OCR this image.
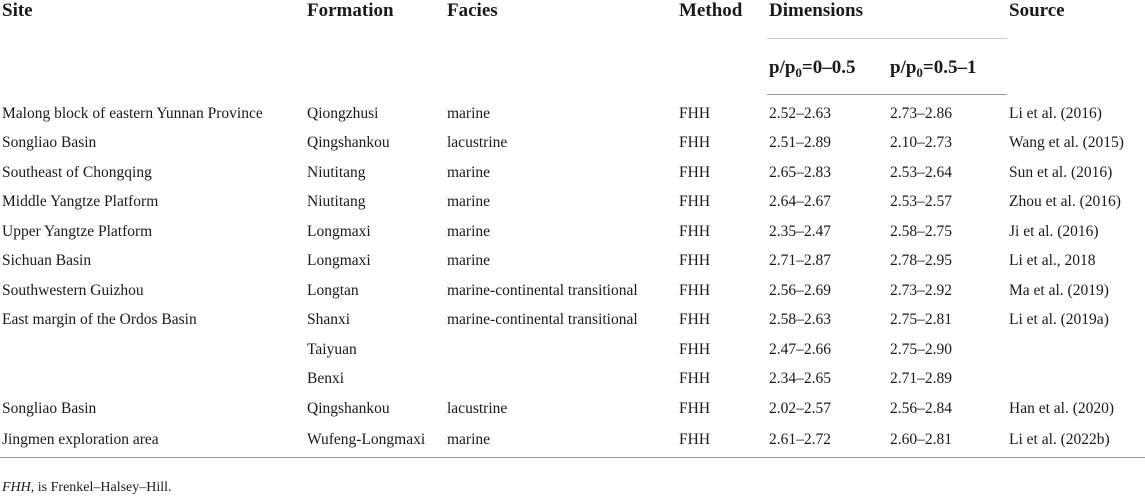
Site	Formation	Facies	Method	Dimensions		Source
				$p/p_0=0-0.5$	$p/p_0=0.5-1$	
Malong block of eastern Yunnan Province	Qiongzhusi	marine	FHH	2.52–2.63	2.73–2.86	Li et al. (2016)
Songliao Basin	Qingshankou	lacustrine	FHH	2.51–2.89	2.10–2.73	Wang et al. (2015)
Southeast of Chongqing	Niutitang	marine	FHH	2.65–2.83	2.53–2.64	Sun et al. (2016)
Middle Yangtze Platform	Niutitang	marine	FHH	2.64–2.67	2.53–2.57	Zhou et al. (2016)
Upper Yangtze Platform	Longmaxi	marine	FHH	2.35–2.47	2.58–2.75	Ji et al. (2016)
Sichuan Basin	Longmaxi	marine	FHH	2.71–2.87	2.78–2.95	Li et al., 2018
Southwestern Guizhou	Longtan	marine-continental transitional	FHH	2.56–2.69	2.73–2.92	Ma et al. (2019)
East margin of the Ordos Basin	Shanxi	marine-continental transitional	FHH	2.58–2.63	2.75–2.81	Li et al. (2019a)
	Taiyuan		FHH	2.47–2.66	2.75–2.90	
	Benxi		FHH	2.34–2.65	2.71–2.89	
Songliao Basin	Qingshankou	lacustrine	FHH	2.02–2.57	2.56–2.84	Han et al. (2020)
Jingmen exploration area	Wufeng-Longmaxi	marine	FHH	2.61–2.72	2.60–2.81	Li et al. (2022b)
FHH, is Frenkel–Halsey–Hill.
